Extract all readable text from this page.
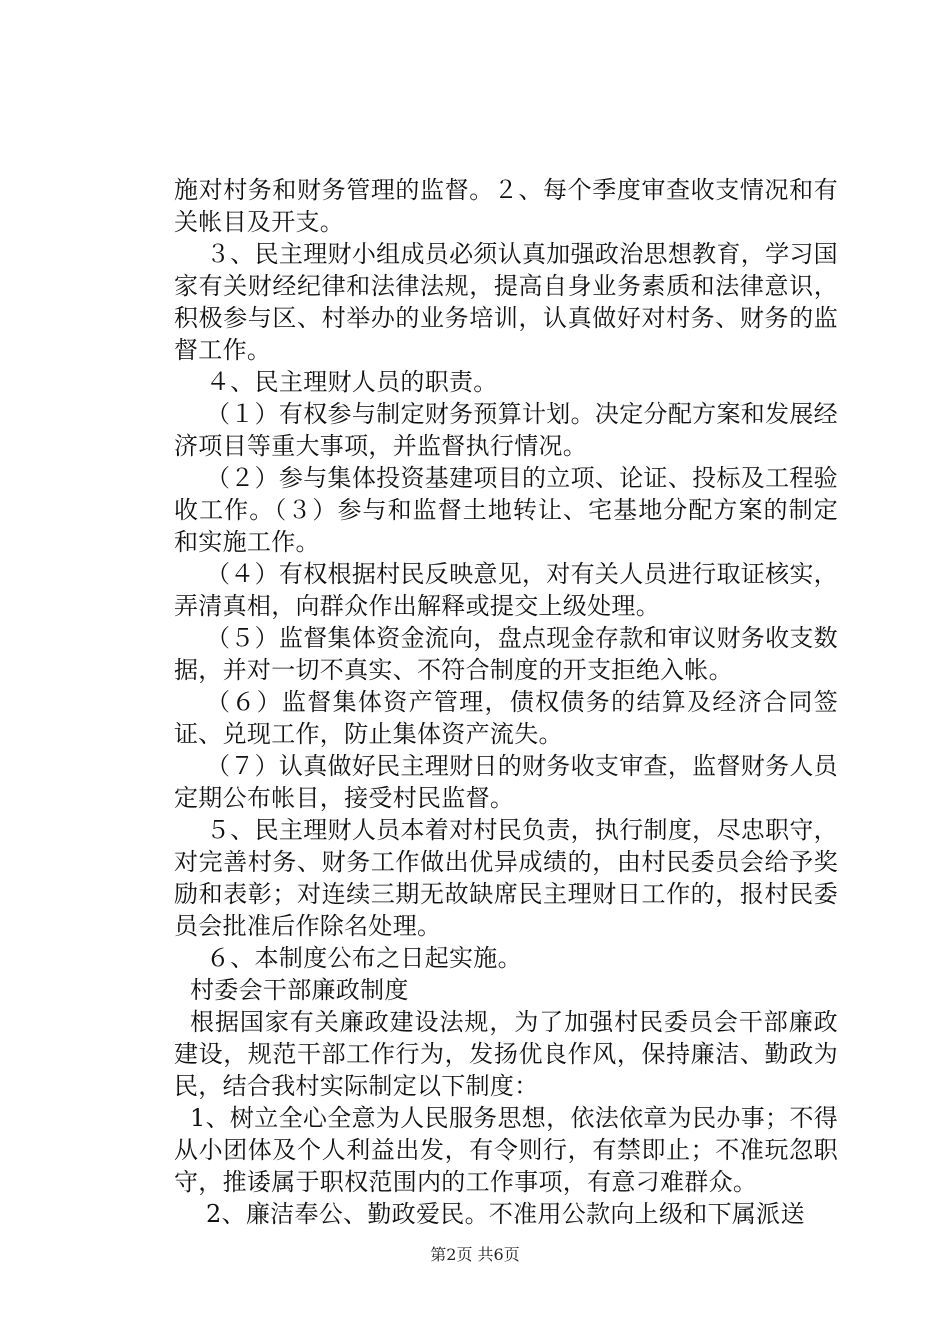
施对村务和财务管理的监督。２、每个季度审查收支情况和有关帐目及开支。

３、民主理财小组成员必须认真加强政治思想教育，学习国家有关财经纪律和法律法规，提高自身业务素质和法律意识，积极参与区、村举办的业务培训，认真做好对村务、财务的监督工作。

４、民主理财人员的职责。

（１）有权参与制定财务预算计划。决定分配方案和发展经济项目等重大事项，并监督执行情况。

（２）参与集体投资基建项目的立项、论证、投标及工程验收工作。（３）参与和监督土地转让、宅基地分配方案的制定和实施工作。

（４）有权根据村民反映意见，对有关人员进行取证核实，弄清真相，向群众作出解释或提交上级处理。

（５）监督集体资金流向，盘点现金存款和审议财务收支数据，并对一切不真实、不符合制度的开支拒绝入帐。

（６）监督集体资产管理，债权债务的结算及经济合同签证、兑现工作，防止集体资产流失。

（７）认真做好民主理财日的财务收支审查，监督财务人员定期公布帐目，接受村民监督。

５、民主理财人员本着对村民负责，执行制度，尽忠职守，对完善村务、财务工作做出优异成绩的，由村民委员会给予奖励和表彰；对连续三期无故缺席民主理财日工作的，报村民委员会批准后作除名处理。

６、本制度公布之日起实施。

村委会干部廉政制度

根据国家有关廉政建设法规，为了加强村民委员会干部廉政建设，规范干部工作行为，发扬优良作风，保持廉洁、勤政为民，结合我村实际制定以下制度：

1、树立全心全意为人民服务思想，依法依章为民办事；不得从小团体及个人利益出发，有令则行，有禁即止；不准玩忽职守，推诿属于职权范围内的工作事项，有意刁难群众。

2、廉洁奉公、勤政爱民。不准用公款向上级和下属派送

第2页 共6页
